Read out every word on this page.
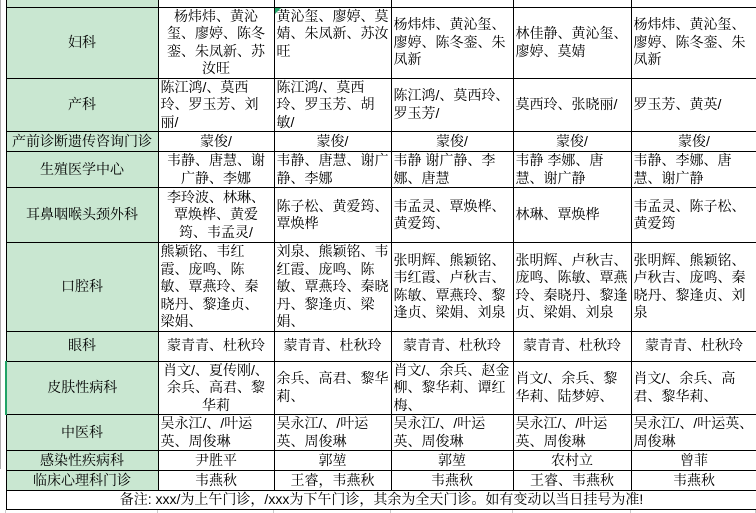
妇科	杨炜炜、黄沁玺、廖婷、陈冬銮、朱凤新、苏汝旺	黄沁玺、廖婷、莫婧、朱凤新、苏汝旺	杨炜炜、黄沁玺、廖婷、陈冬銮、朱凤新	林佳静、黄沁玺、廖婷、莫婧	杨炜炜、黄沁玺、廖婷、陈冬銮、朱凤新
产科	陈江鸿/、莫西玲、罗玉芳、刘丽/	陈江鸿/、莫西玲、罗玉芳、胡敏/	陈江鸿/、莫西玲、罗玉芳/	莫西玲、张晓丽/	罗玉芳、黄英/
产前诊断遗传咨询门诊	蒙俊/	蒙俊/	蒙俊/	蒙俊/	蒙俊/
生殖医学中心	韦静、唐慧、谢广静、李娜	韦静、唐慧、谢广静、李娜	韦静 谢广静、李娜、唐慧	韦静 李娜、唐慧、谢广静	韦静、李娜、唐慧、谢广静
耳鼻咽喉头颈外科	李玲波、林琳、覃焕桦、黄爱筠、韦孟灵/	陈子松、黄爱筠、覃焕桦	韦孟灵、覃焕桦、黄爱筠、	林琳、覃焕桦	韦孟灵、陈子松、黄爱筠
口腔科	熊颖铭、韦红霞、庞鸣、陈敏、覃燕玲、秦晓丹、黎逢贞、梁娟、	刘泉、熊颖铭、韦红霞、庞鸣、陈敏、覃燕玲、秦晓丹、黎逢贞、梁娟、	张明辉、熊颖铭、韦红霞、卢秋吉、陈敏、覃燕玲、黎逢贞、梁娟、刘泉	张明辉、卢秋吉、庞鸣、陈敏、覃燕玲、秦晓丹、黎逢贞、梁娟、刘泉	张明辉、熊颖铭、卢秋吉、庞鸣、秦晓丹、黎逢贞、刘泉
眼科	蒙青青、杜秋玲	蒙青青、杜秋玲	蒙青青、杜秋玲	蒙青青、杜秋玲	蒙青青、杜秋玲
皮肤性病科	肖文/、夏传刚/、余兵、高君、黎华莉	余兵、高君、黎华莉、	肖文/、余兵、赵金柳、黎华莉、谭红梅、	肖文/、余兵、黎华莉、陆梦婷、	肖文/、余兵、高君、黎华莉、
中医科	吴永江/、/叶运英、周俊琳	吴永江/、/叶运英、周俊琳	吴永江/、/叶运英、周俊琳	吴永江/、/叶运英、周俊琳	吴永江/、/叶运英、周俊琳
感染性疾病科	尹胜平	郭堃	郭堃	农村立	曾菲
临床心理科门诊	韦燕秋	王睿，韦燕秋	韦燕秋	王睿、韦燕秋	韦燕秋
备注: xxx/为上午门诊，/xxx为下午门诊，其余为全天门诊。如有变动以当日挂号为准!					
